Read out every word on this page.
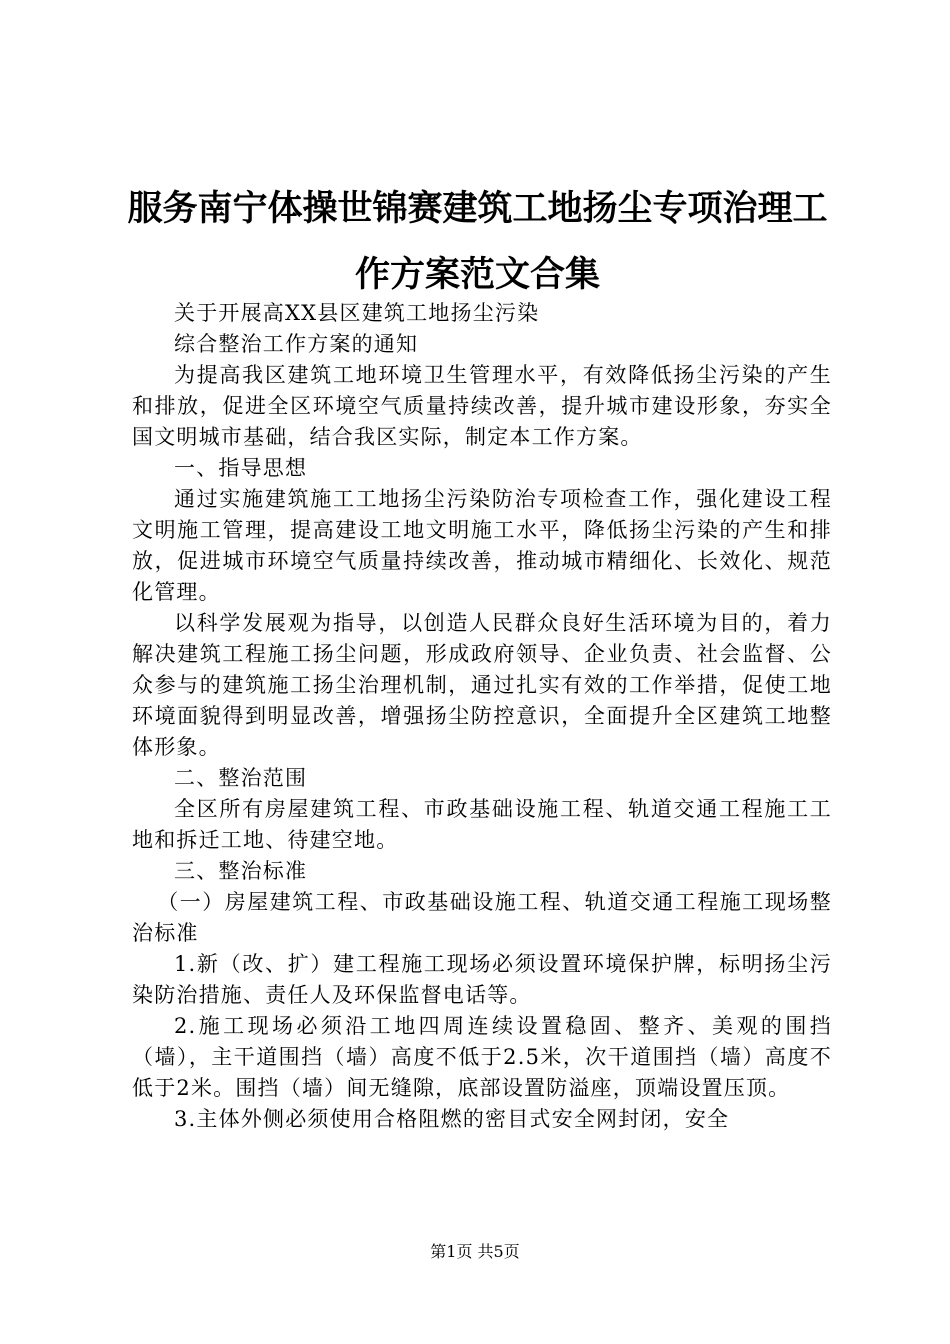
服务南宁体操世锦赛建筑工地扬尘专项治理工作方案范文合集

关于开展高XX县区建筑工地扬尘污染

综合整治工作方案的通知

为提高我区建筑工地环境卫生管理水平，有效降低扬尘污染的产生和排放，促进全区环境空气质量持续改善，提升城市建设形象，夯实全国文明城市基础，结合我区实际，制定本工作方案。

一、指导思想

通过实施建筑施工工地扬尘污染防治专项检查工作，强化建设工程文明施工管理，提高建设工地文明施工水平，降低扬尘污染的产生和排放，促进城市环境空气质量持续改善，推动城市精细化、长效化、规范化管理。

以科学发展观为指导，以创造人民群众良好生活环境为目的，着力解决建筑工程施工扬尘问题，形成政府领导、企业负责、社会监督、公众参与的建筑施工扬尘治理机制，通过扎实有效的工作举措，促使工地环境面貌得到明显改善，增强扬尘防控意识，全面提升全区建筑工地整体形象。

二、整治范围

全区所有房屋建筑工程、市政基础设施工程、轨道交通工程施工工地和拆迁工地、待建空地。

三、整治标准

（一）房屋建筑工程、市政基础设施工程、轨道交通工程施工现场整治标准

1.新（改、扩）建工程施工现场必须设置环境保护牌，标明扬尘污染防治措施、责任人及环保监督电话等。

2.施工现场必须沿工地四周连续设置稳固、整齐、美观的围挡（墙），主干道围挡（墙）高度不低于2.5米，次干道围挡（墙）高度不低于2米。围挡（墙）间无缝隙，底部设置防溢座，顶端设置压顶。

3.主体外侧必须使用合格阻燃的密目式安全网封闭，安全

第1页 共5页
